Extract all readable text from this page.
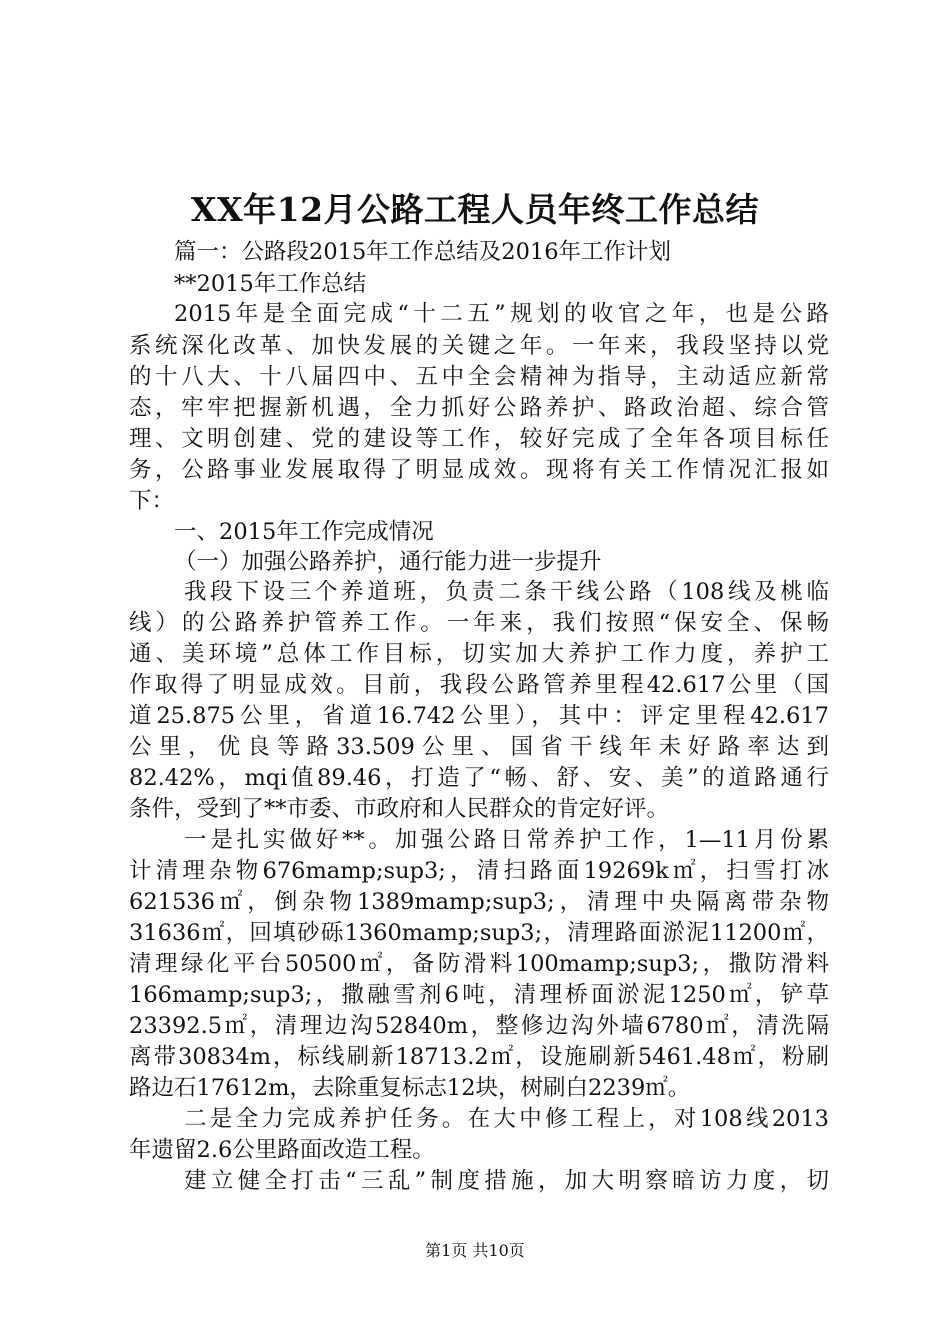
XX年12月公路工程人员年终工作总结
篇一：公路段2015年工作总结及2016年工作计划
**2015年工作总结
2015年是全面完成“十二五”规划的收官之年，也是公路
系统深化改革、加快发展的关键之年。一年来，我段坚持以党
的十八大、十八届四中、五中全会精神为指导，主动适应新常
态，牢牢把握新机遇，全力抓好公路养护、路政治超、综合管
理、文明创建、党的建设等工作，较好完成了全年各项目标任
务，公路事业发展取得了明显成效。现将有关工作情况汇报如
下：
一、2015年工作完成情况
（一）加强公路养护，通行能力进一步提升
我段下设三个养道班，负责二条干线公路（108线及桃临
线）的公路养护管养工作。一年来，我们按照“保安全、保畅
通、美环境”总体工作目标，切实加大养护工作力度，养护工
作取得了明显成效。目前，我段公路管养里程42.617公里（国
道25.875公里，省道16.742公里），其中：评定里程42.617
公里，优良等路33.509公里、国省干线年未好路率达到
82.42%，mqi值89.46，打造了“畅、舒、安、美”的道路通行
条件，受到了**市委、市政府和人民群众的肯定好评。
一是扎实做好**。加强公路日常养护工作，1—11月份累
计清理杂物676mamp;sup3;，清扫路面19269k㎡，扫雪打冰
621536㎡，倒杂物1389mamp;sup3;，清理中央隔离带杂物
31636㎡，回填砂砾1360mamp;sup3;，清理路面淤泥11200㎡，
清理绿化平台50500㎡，备防滑料100mamp;sup3;，撒防滑料
166mamp;sup3;，撒融雪剂6吨，清理桥面淤泥1250㎡，铲草
23392.5㎡，清理边沟52840m，整修边沟外墙6780㎡，清洗隔
离带30834m，标线刷新18713.2㎡，设施刷新5461.48㎡，粉刷
路边石17612m，去除重复标志12块，树刷白2239㎡。
二是全力完成养护任务。在大中修工程上，对108线2013
年遗留2.6公里路面改造工程。
建立健全打击“三乱”制度措施，加大明察暗访力度，切
第1页 共10页
